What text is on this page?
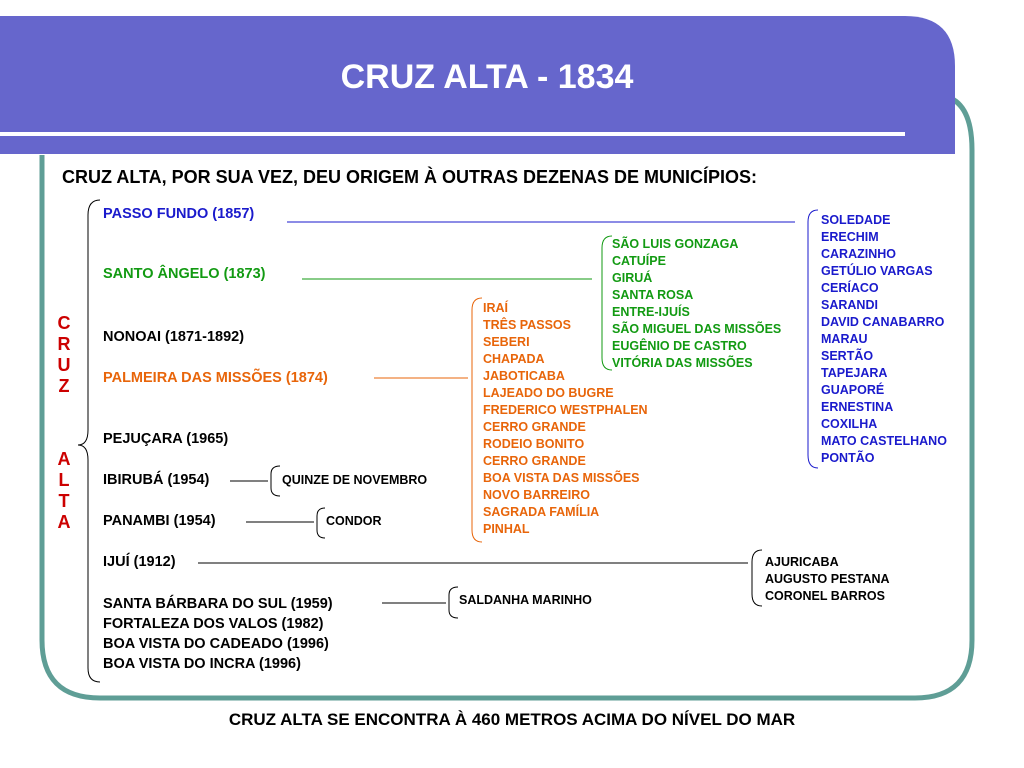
CRUZ ALTA - 1834
CRUZ ALTA, POR SUA VEZ, DEU ORIGEM À OUTRAS DEZENAS DE MUNICÍPIOS:
C
R
U
Z
A
L
T
A
PASSO FUNDO (1857)
SANTO ÂNGELO (1873)
NONOAI (1871-1892)
PALMEIRA DAS MISSÕES (1874)
PEJUÇARA (1965)
IBIRUBÁ (1954)
PANAMBI (1954)
IJUÍ (1912)
SANTA BÁRBARA DO SUL (1959)
FORTALEZA DOS VALOS (1982)
BOA VISTA DO CADEADO (1996)
BOA VISTA DO INCRA (1996)
SOLEDADE
ERECHIM
CARAZINHO
GETÚLIO VARGAS
CERÍACO
SARANDI
DAVID CANABARRO
MARAU
SERTÃO
TAPEJARA
GUAPORÉ
ERNESTINA
COXILHA
MATO CASTELHANO
PONTÃO
SÃO LUIS GONZAGA
CATUÍPE
GIRUÁ
SANTA ROSA
ENTRE-IJUÍS
SÃO MIGUEL DAS MISSÕES
EUGÊNIO DE CASTRO
VITÓRIA DAS MISSÕES
IRAÍ
TRÊS PASSOS
SEBERI
CHAPADA
JABOTICABA
LAJEADO DO BUGRE
FREDERICO WESTPHALEN
CERRO GRANDE
RODEIO BONITO
CERRO GRANDE
BOA VISTA DAS MISSÕES
NOVO BARREIRO
SAGRADA FAMÍLIA
PINHAL
QUINZE DE NOVEMBRO
CONDOR
SALDANHA MARINHO
AJURICABA
AUGUSTO PESTANA
CORONEL BARROS
CRUZ ALTA SE ENCONTRA À 460 METROS ACIMA DO NÍVEL DO MAR
